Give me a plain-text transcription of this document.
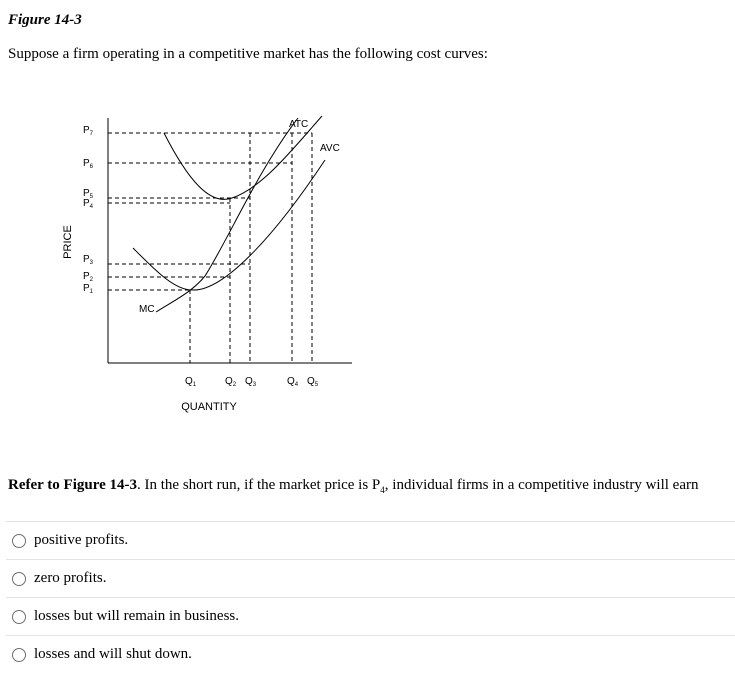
Figure 14-3
Suppose a firm operating in a competitive market has the following cost curves:
PRICE
QUANTITY
ATC
AVC
MC
$P_7$
$P_6$
$P_5$
$P_4$
$P_3$
$P_2$
$P_1$
$Q_1$	$Q_2$ $Q_3$	$Q_4$ $Q_5$
Refer to Figure 14-3. In the short run, if the market price is $P_4$, individual firms in a competitive industry will earn
positive profits.
zero profits.
losses but will remain in business.
losses and will shut down.
